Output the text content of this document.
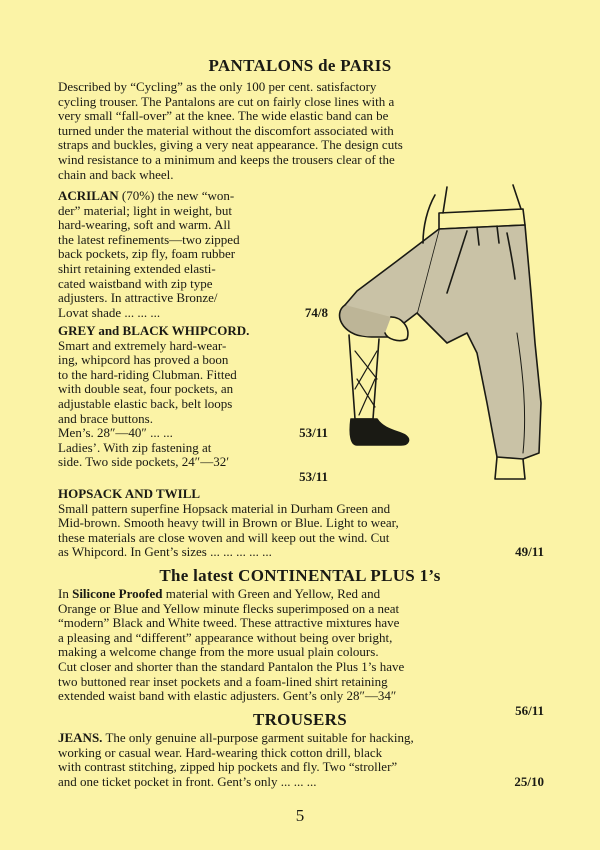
PANTALONS de PARIS
Described by “Cycling” as the only 100 per cent. satisfactory
cycling trouser. The Pantalons are cut on fairly close lines with a
very small “fall-over” at the knee. The wide elastic band can be
turned under the material without the discomfort associated with
straps and buckles, giving a very neat appearance. The design cuts
wind resistance to a minimum and keeps the trousers clear of the
chain and back wheel.
ACRILAN (70%) the new “won-
der” material; light in weight, but
hard-wearing, soft and warm. All
the latest refinements—two zipped
back pockets, zip fly, foam rubber
shirt retaining extended elasti-
cated waistband with zip type
adjusters. In attractive Bronze/
Lovat shade ... ... ...	74/8
GREY and BLACK WHIPCORD.
Smart and extremely hard-wear-
ing, whipcord has proved a boon
to the hard-riding Clubman. Fitted
with double seat, four pockets, an
adjustable elastic back, belt loops
and brace buttons.
Men’s. 28″—40″ ... ...	53/11
Ladies’. With zip fastening at
side. Two side pockets, 24″—32′
53/11
HOPSACK AND TWILL
Small pattern superfine Hopsack material in Durham Green and
Mid-brown. Smooth heavy twill in Brown or Blue. Light to wear,
these materials are close woven and will keep out the wind. Cut
as Whipcord. In Gent’s sizes ... ... ... ... ...	49/11
The latest CONTINENTAL PLUS 1’s
In Silicone Proofed material with Green and Yellow, Red and
Orange or Blue and Yellow minute flecks superimposed on a neat
“modern” Black and White tweed. These attractive mixtures have
a pleasing and “different” appearance without being over bright,
making a welcome change from the more usual plain colours.
Cut closer and shorter than the standard Pantalon the Plus 1’s have
two buttoned rear inset pockets and a foam-lined shirt retaining
extended waist band with elastic adjusters. Gent’s only 28″—34″
56/11
TROUSERS
JEANS. The only genuine all-purpose garment suitable for hacking,
working or casual wear. Hard-wearing thick cotton drill, black
with contrast stitching, zipped hip pockets and fly. Two “stroller”
and one ticket pocket in front. Gent’s only ... ... ...	25/10
5
